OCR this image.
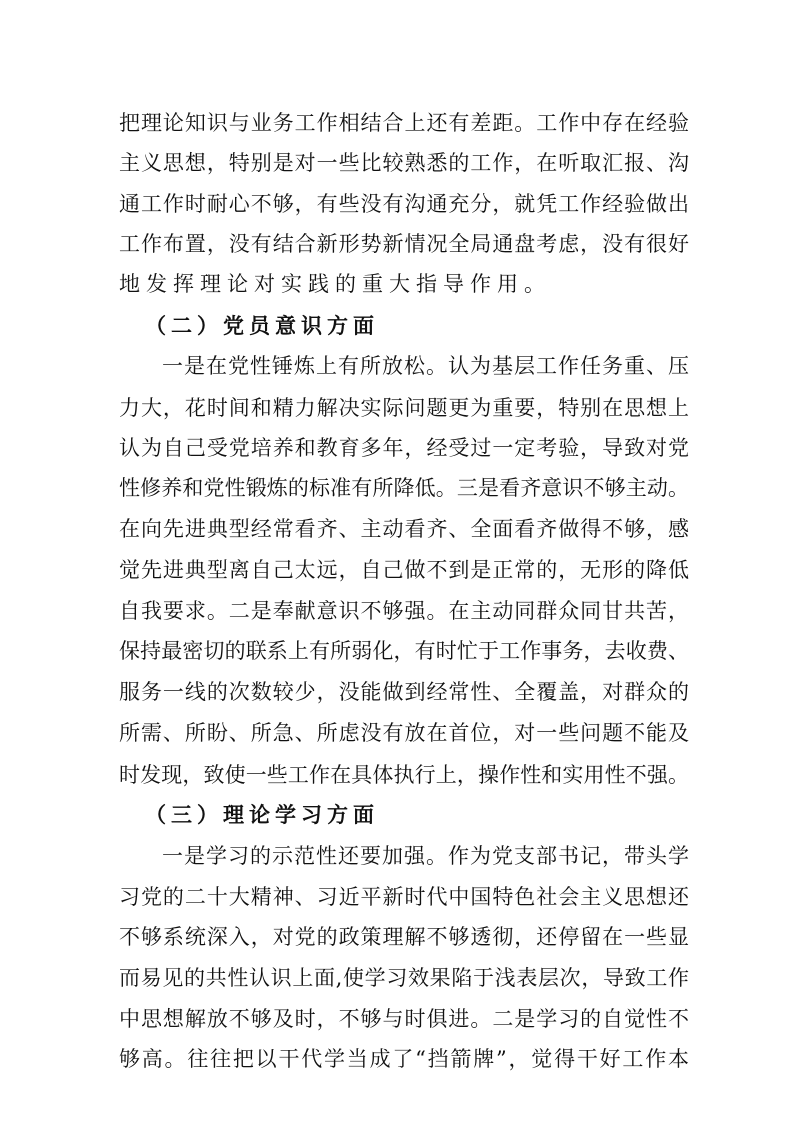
把理论知识与业务工作相结合上还有差距。工作中存在经验
主义思想，特别是对一些比较熟悉的工作，在听取汇报、沟
通工作时耐心不够，有些没有沟通充分，就凭工作经验做出
工作布置，没有结合新形势新情况全局通盘考虑，没有很好
地发挥理论对实践的重大指导作用。
（二）党员意识方面
一是在党性锤炼上有所放松。认为基层工作任务重、压
力大，花时间和精力解决实际问题更为重要，特别在思想上
认为自己受党培养和教育多年，经受过一定考验，导致对党
性修养和党性锻炼的标准有所降低。三是看齐意识不够主动。
在向先进典型经常看齐、主动看齐、全面看齐做得不够，感
觉先进典型离自己太远，自己做不到是正常的，无形的降低
自我要求。二是奉献意识不够强。在主动同群众同甘共苦，
保持最密切的联系上有所弱化，有时忙于工作事务，去收费、
服务一线的次数较少，没能做到经常性、全覆盖，对群众的
所需、所盼、所急、所虑没有放在首位，对一些问题不能及
时发现，致使一些工作在具体执行上，操作性和实用性不强。
（三）理论学习方面
一是学习的示范性还要加强。作为党支部书记，带头学
习党的二十大精神、习近平新时代中国特色社会主义思想还
不够系统深入，对党的政策理解不够透彻，还停留在一些显
而易见的共性认识上面,使学习效果陷于浅表层次，导致工作
中思想解放不够及时，不够与时俱进。二是学习的自觉性不
够高。往往把以干代学当成了“挡箭牌”，觉得干好工作本
